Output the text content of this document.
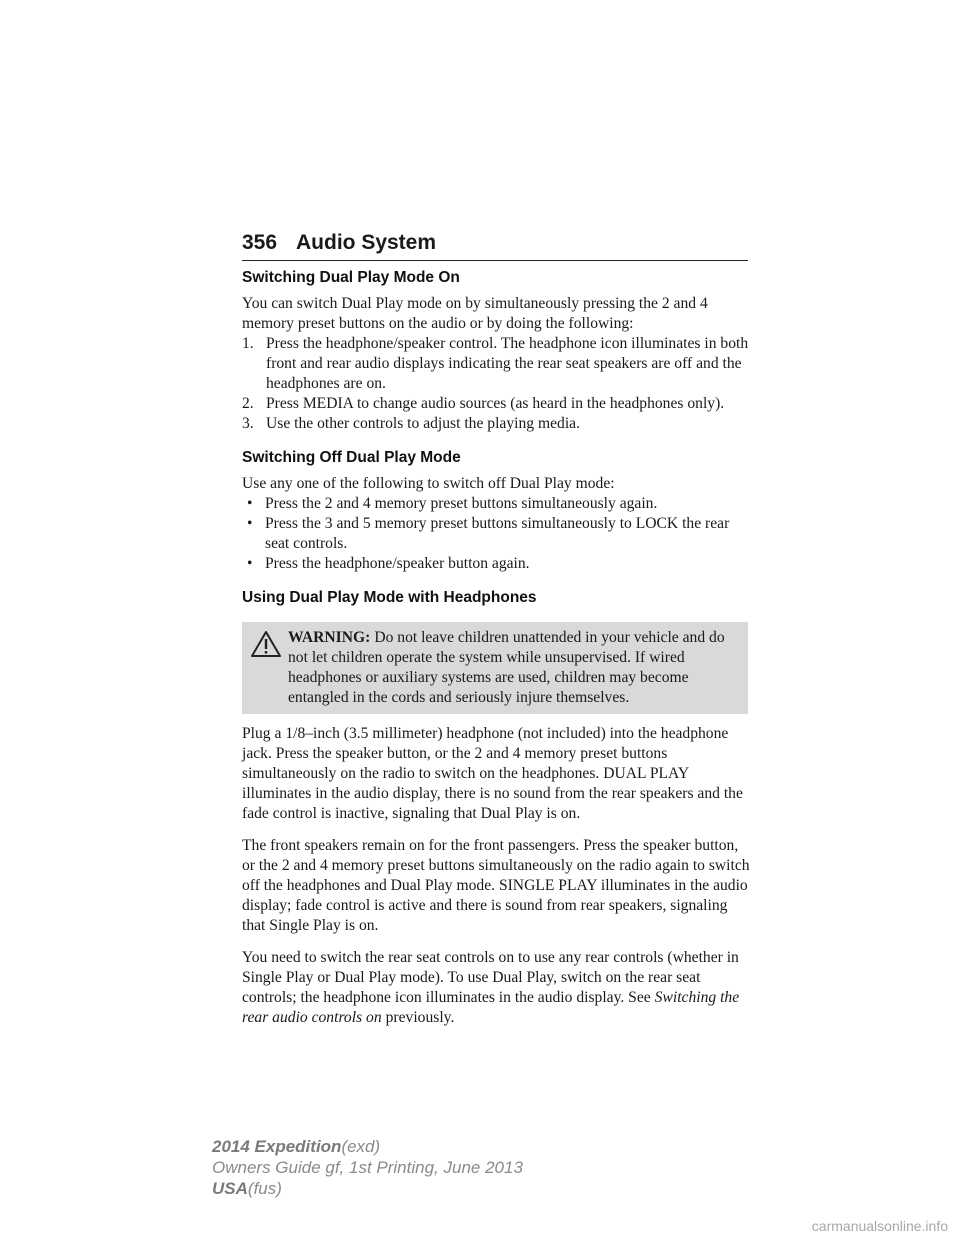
356 Audio System
Switching Dual Play Mode On

You can switch Dual Play mode on by simultaneously pressing the 2 and 4 memory preset buttons on the audio or by doing the following:

1. Press the headphone/speaker control. The headphone icon illuminates in both front and rear audio displays indicating the rear seat speakers are off and the headphones are on.
2. Press MEDIA to change audio sources (as heard in the headphones only).
3. Use the other controls to adjust the playing media.
Switching Off Dual Play Mode

Use any one of the following to switch off Dual Play mode:

• Press the 2 and 4 memory preset buttons simultaneously again.
• Press the 3 and 5 memory preset buttons simultaneously to LOCK the rear seat controls.
• Press the headphone/speaker button again.
Using Dual Play Mode with Headphones

WARNING: Do not leave children unattended in your vehicle and do not let children operate the system while unsupervised. If wired headphones or auxiliary systems are used, children may become entangled in the cords and seriously injure themselves.

Plug a 1/8–inch (3.5 millimeter) headphone (not included) into the headphone jack. Press the speaker button, or the 2 and 4 memory preset buttons simultaneously on the radio to switch on the headphones. DUAL PLAY illuminates in the audio display, there is no sound from the rear speakers and the fade control is inactive, signaling that Dual Play is on.

The front speakers remain on for the front passengers. Press the speaker button, or the 2 and 4 memory preset buttons simultaneously on the radio again to switch off the headphones and Dual Play mode. SINGLE PLAY illuminates in the audio display; fade control is active and there is sound from rear speakers, signaling that Single Play is on.

You need to switch the rear seat controls on to use any rear controls (whether in Single Play or Dual Play mode). To use Dual Play, switch on the rear seat controls; the headphone icon illuminates in the audio display. See Switching the rear audio controls on previously.

2014 Expedition(exd)
Owners Guide gf, 1st Printing, June 2013
USA(fus)
carmanualsonline.info
